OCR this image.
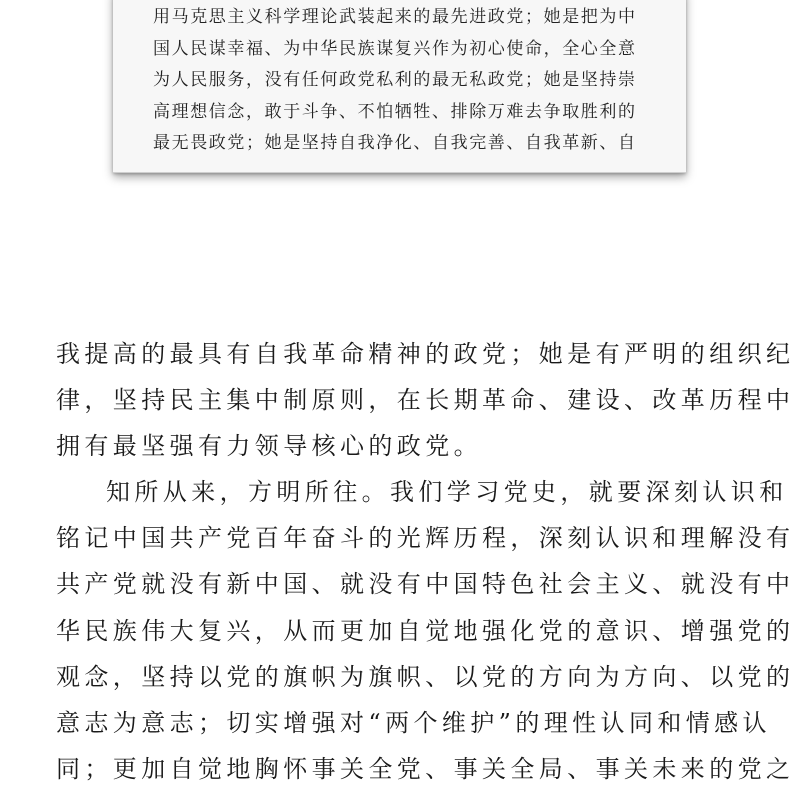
用马克思主义科学理论武装起来的最先进政党；她是把为中
国人民谋幸福、为中华民族谋复兴作为初心使命，全心全意
为人民服务，没有任何政党私利的最无私政党；她是坚持崇
高理想信念，敢于斗争、不怕牺牲、排除万难去争取胜利的
最无畏政党；她是坚持自我净化、自我完善、自我革新、自
我提高的最具有自我革命精神的政党；她是有严明的组织纪
律，坚持民主集中制原则，在长期革命、建设、改革历程中
拥有最坚强有力领导核心的政党。
知所从来，方明所往。我们学习党史，就要深刻认识和
铭记中国共产党百年奋斗的光辉历程，深刻认识和理解没有
共产党就没有新中国、就没有中国特色社会主义、就没有中
华民族伟大复兴，从而更加自觉地强化党的意识、增强党的
观念，坚持以党的旗帜为旗帜、以党的方向为方向、以党的
意志为意志；切实增强对“两个维护”的理性认同和情感认
同；更加自觉地胸怀事关全党、事关全局、事关未来的党之
